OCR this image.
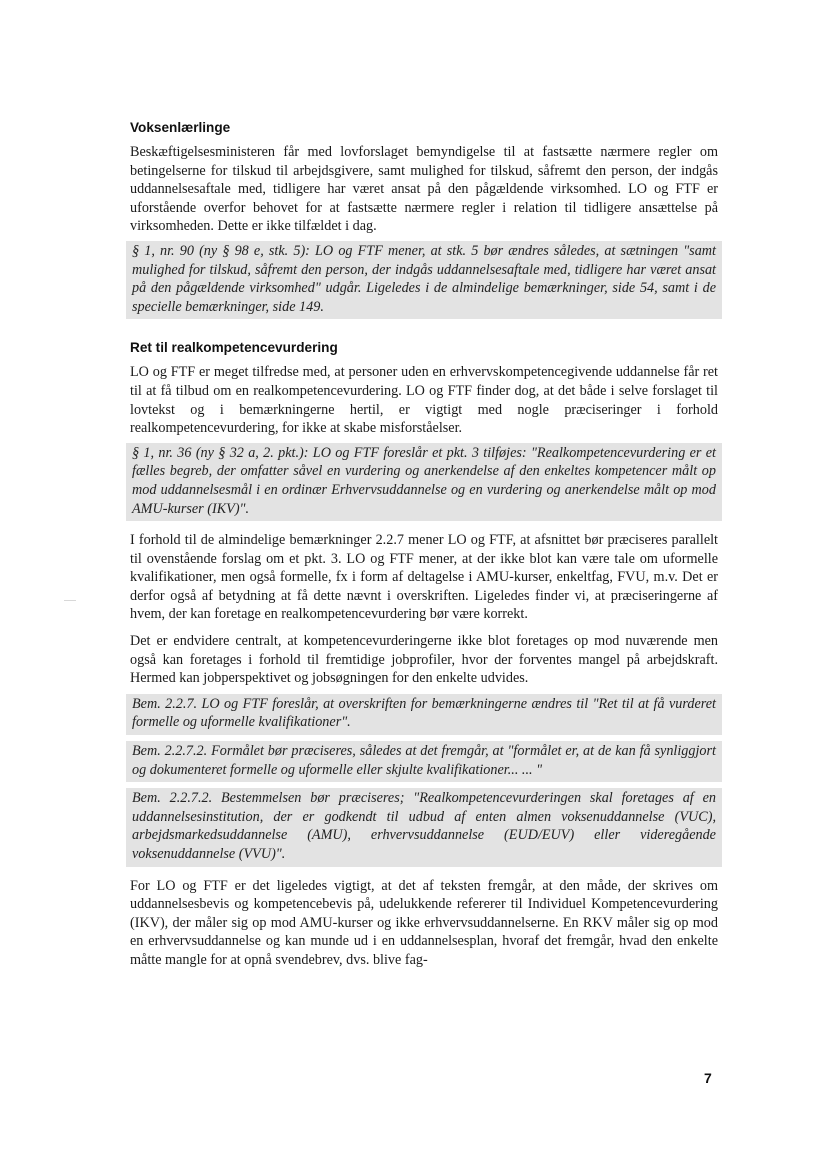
Voksenlærlinge

Beskæftigelsesministeren får med lovforslaget bemyndigelse til at fastsætte nærmere regler om betingelserne for tilskud til arbejdsgivere, samt mulighed for tilskud, såfremt den person, der indgås uddannelsesaftale med, tidligere har været ansat på den pågældende virksomhed. LO og FTF er uforstående overfor behovet for at fastsætte nærmere regler i relation til tidligere ansættelse på virksomheden. Dette er ikke tilfældet i dag.

§ 1, nr. 90 (ny § 98 e, stk. 5): LO og FTF mener, at stk. 5 bør ændres således, at sætningen "samt mulighed for tilskud, såfremt den person, der indgås uddannelsesaftale med, tidligere har været ansat på den pågældende virksomhed" udgår. Ligeledes i de almindelige bemærkninger, side 54, samt i de specielle bemærkninger, side 149.
Ret til realkompetencevurdering

LO og FTF er meget tilfredse med, at personer uden en erhvervskompetencegivende uddannelse får ret til at få tilbud om en realkompetencevurdering. LO og FTF finder dog, at det både i selve forslaget til lovtekst og i bemærkningerne hertil, er vigtigt med nogle præciseringer i forhold realkompetencevurdering, for ikke at skabe misforståelser.

§ 1, nr. 36 (ny § 32 a, 2. pkt.): LO og FTF foreslår et pkt. 3 tilføjes: "Realkompetencevurdering er et fælles begreb, der omfatter såvel en vurdering og anerkendelse af den enkeltes kompetencer målt op mod uddannelsesmål i en ordinær Erhvervsuddannelse og en vurdering og anerkendelse målt op mod AMU-kurser (IKV)".

I forhold til de almindelige bemærkninger 2.2.7 mener LO og FTF, at afsnittet bør præciseres parallelt til ovenstående forslag om et pkt. 3. LO og FTF mener, at der ikke blot kan være tale om uformelle kvalifikationer, men også formelle, fx i form af deltagelse i AMU-kurser, enkeltfag, FVU, m.v. Det er derfor også af betydning at få dette nævnt i overskriften. Ligeledes finder vi, at præciseringerne af hvem, der kan foretage en realkompetencevurdering bør være korrekt.

Det er endvidere centralt, at kompetencevurderingerne ikke blot foretages op mod nuværende men også kan foretages i forhold til fremtidige jobprofiler, hvor der forventes mangel på arbejdskraft. Hermed kan jobperspektivet og jobsøgningen for den enkelte udvides.

Bem. 2.2.7. LO og FTF foreslår, at overskriften for bemærkningerne ændres til "Ret til at få vurderet formelle og uformelle kvalifikationer".
Bem. 2.2.7.2. Formålet bør præciseres, således at det fremgår, at "formålet er, at de kan få synliggjort og dokumenteret formelle og uformelle eller skjulte kvalifikationer... ... "
Bem. 2.2.7.2. Bestemmelsen bør præciseres; "Realkompetencevurderingen skal foretages af en uddannelsesinstitution, der er godkendt til udbud af enten almen voksenuddannelse (VUC), arbejdsmarkedsuddannelse (AMU), erhvervsuddannelse (EUD/EUV) eller videregående voksenuddannelse (VVU)".

For LO og FTF er det ligeledes vigtigt, at det af teksten fremgår, at den måde, der skrives om uddannelsesbevis og kompetencebevis på, udelukkende refererer til Individuel Kompetencevurdering (IKV), der måler sig op mod AMU-kurser og ikke erhvervsuddannelserne. En RKV måler sig op mod en erhvervsuddannelse og kan munde ud i en uddannelsesplan, hvoraf det fremgår, hvad den enkelte måtte mangle for at opnå svendebrev, dvs. blive fag-

7
